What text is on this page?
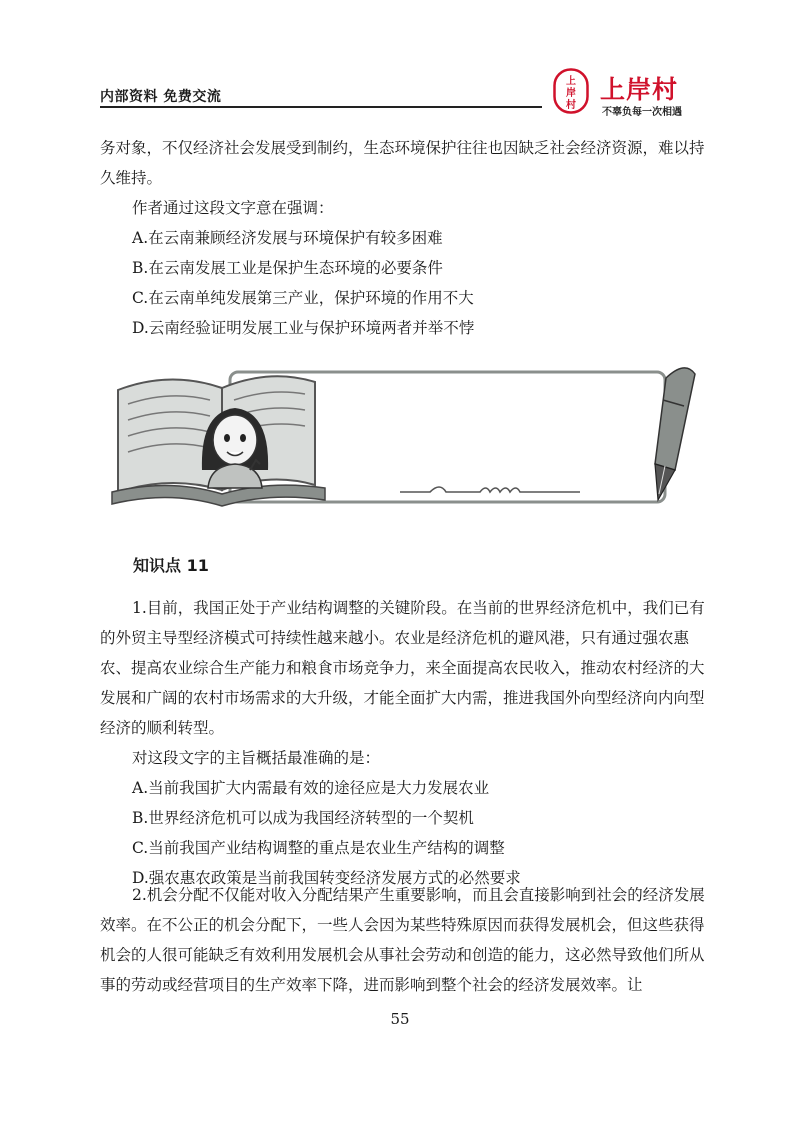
内部资料 免费交流
上
岸
村
上岸村
不辜负每一次相遇

务对象，不仅经济社会发展受到制约，生态环境保护往往也因缺乏社会经济资源，难以持久维持。

作者通过这段文字意在强调：

A.在云南兼顾经济发展与环境保护有较多困难

B.在云南发展工业是保护生态环境的必要条件

C.在云南单纯发展第三产业，保护环境的作用不大

D.云南经验证明发展工业与保护环境两者并举不悖

知识点 11

1.目前，我国正处于产业结构调整的关键阶段。在当前的世界经济危机中，我们已有的外贸主导型经济模式可持续性越来越小。农业是经济危机的避风港，只有通过强农惠农、提高农业综合生产能力和粮食市场竞争力，来全面提高农民收入，推动农村经济的大发展和广阔的农村市场需求的大升级，才能全面扩大内需，推进我国外向型经济向内向型经济的顺利转型。

对这段文字的主旨概括最准确的是：

A.当前我国扩大内需最有效的途径应是大力发展农业

B.世界经济危机可以成为我国经济转型的一个契机

C.当前我国产业结构调整的重点是农业生产结构的调整

D.强农惠农政策是当前我国转变经济发展方式的必然要求

2.机会分配不仅能对收入分配结果产生重要影响，而且会直接影响到社会的经济发展效率。在不公正的机会分配下，一些人会因为某些特殊原因而获得发展机会，但这些获得机会的人很可能缺乏有效利用发展机会从事社会劳动和创造的能力，这必然导致他们所从事的劳动或经营项目的生产效率下降，进而影响到整个社会的经济发展效率。让

55
